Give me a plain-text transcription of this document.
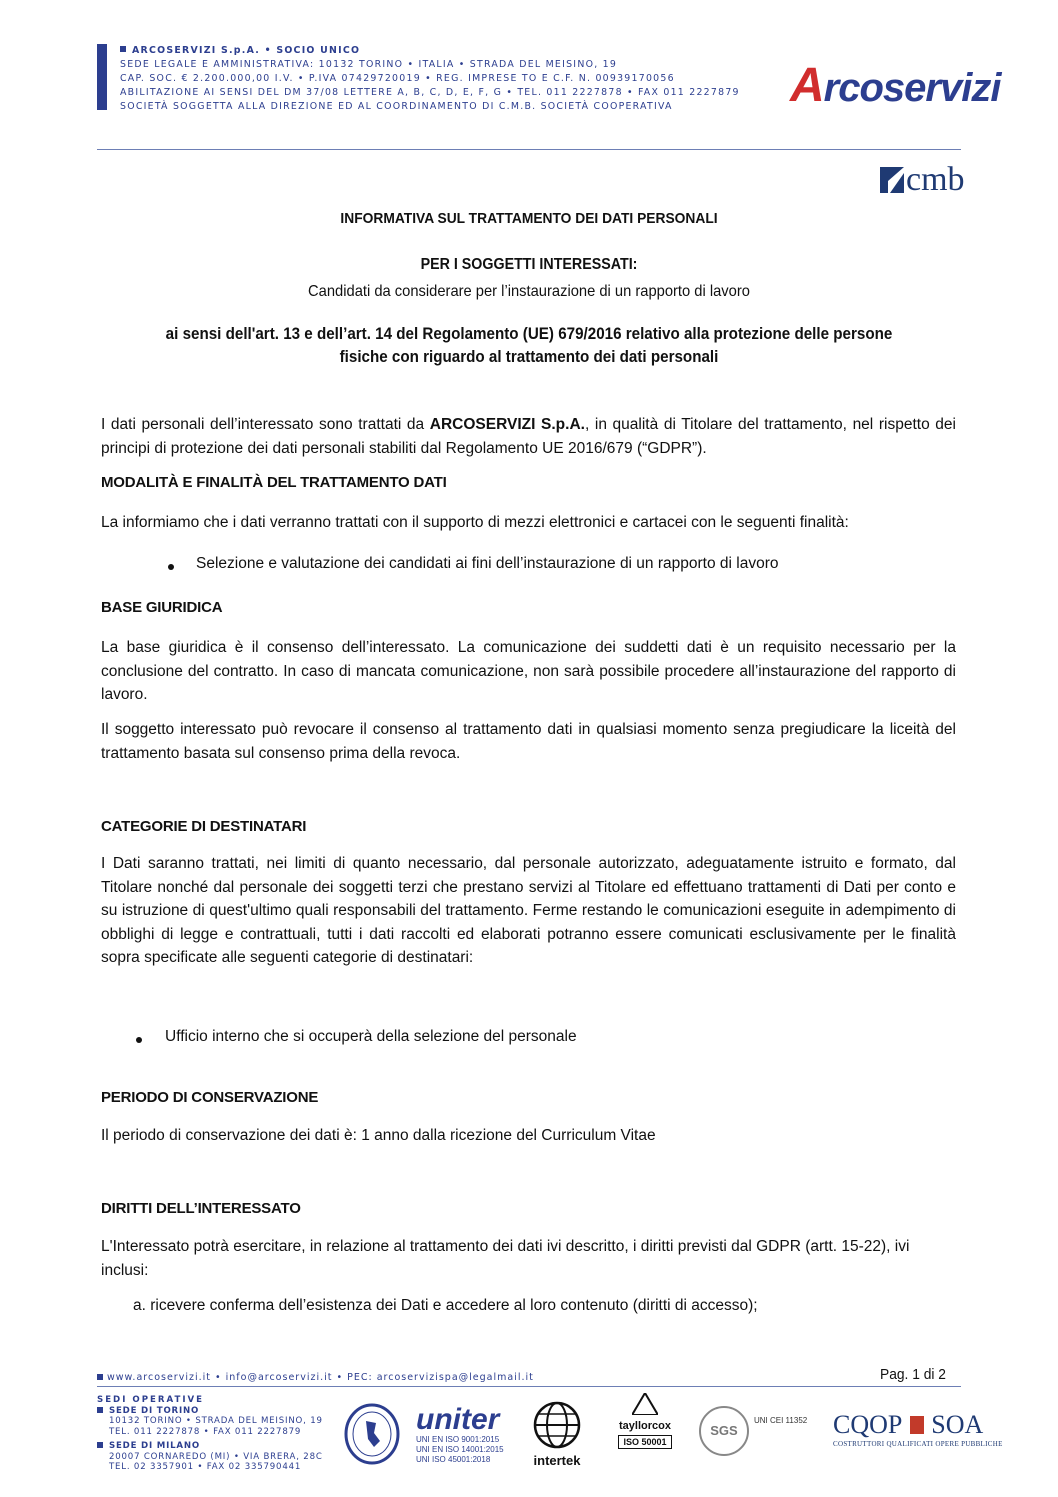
ARCOSERVIZI S.p.A. • SOCIO UNICO
SEDE LEGALE E AMMINISTRATIVA: 10132 TORINO • ITALIA • STRADA DEL MEISINO, 19
CAP. SOC. € 2.200.000,00 I.V. • P.IVA 07429720019 • REG. IMPRESE TO E C.F. N. 00939170056
ABILITAZIONE AI SENSI DEL DM 37/08 LETTERE A, B, C, D, E, F, G • TEL. 011 2227878 • FAX 011 2227879
SOCIETÀ SOGGETTA ALLA DIREZIONE ED AL COORDINAMENTO DI C.M.B. SOCIETÀ COOPERATIVA	Arcoservizi
cmb
INFORMATIVA SUL TRATTAMENTO DEI DATI PERSONALI
PER I SOGGETTI INTERESSATI:
Candidati da considerare per l’instaurazione di un rapporto di lavoro
ai sensi dell'art. 13 e dell’art. 14 del Regolamento (UE) 679/2016 relativo alla protezione delle persone
fisiche con riguardo al trattamento dei dati personali
I dati personali dell’interessato sono trattati da ARCOSERVIZI S.p.A., in qualità di Titolare del trattamento, nel rispetto dei principi di protezione dei dati personali stabiliti dal Regolamento UE 2016/679 (“GDPR”).
MODALITÀ E FINALITÀ DEL TRATTAMENTO DATI
La informiamo che i dati verranno trattati con il supporto di mezzi elettronici e cartacei con le seguenti finalità:
Selezione e valutazione dei candidati ai fini dell’instaurazione di un rapporto di lavoro
BASE GIURIDICA
La base giuridica è il consenso dell’interessato. La comunicazione dei suddetti dati è un requisito necessario per la conclusione del contratto. In caso di mancata comunicazione, non sarà possibile procedere all’instaurazione del rapporto di lavoro.
Il soggetto interessato può revocare il consenso al trattamento dati in qualsiasi momento senza pregiudicare la liceità del trattamento basata sul consenso prima della revoca.
CATEGORIE DI DESTINATARI
I Dati saranno trattati, nei limiti di quanto necessario, dal personale autorizzato, adeguatamente istruito e formato, dal Titolare nonché dal personale dei soggetti terzi che prestano servizi al Titolare ed effettuano trattamenti di Dati per conto e su istruzione di quest'ultimo quali responsabili del trattamento. Ferme restando le comunicazioni eseguite in adempimento di obblighi di legge e contrattuali, tutti i dati raccolti ed elaborati potranno essere comunicati esclusivamente per le finalità sopra specificate alle seguenti categorie di destinatari:
Ufficio interno che si occuperà della selezione del personale
PERIODO DI CONSERVAZIONE
Il periodo di conservazione dei dati è: 1 anno dalla ricezione del Curriculum Vitae
DIRITTI DELL’INTERESSATO
L'Interessato potrà esercitare, in relazione al trattamento dei dati ivi descritto, i diritti previsti dal GDPR (artt. 15-22), ivi inclusi:
a. ricevere conferma dell’esistenza dei Dati e accedere al loro contenuto (diritti di accesso);
www.arcoservizi.it • info@arcoservizi.it • PEC: arcoservizispa@legalmail.it	Pag. 1 di 2
SEDI OPERATIVE
SEDE DI TORINO
10132 TORINO • STRADA DEL MEISINO, 19
TEL. 011 2227878 • FAX 011 2227879
SEDE DI MILANO
20007 CORNAREDO (MI) • VIA BRERA, 28C
TEL. 02 3357901 • FAX 02 335790441
uniter
UNI EN ISO 9001:2015
UNI EN ISO 14001:2015
UNI ISO 45001:2018	intertek
tayllorcox
ISO 50001
SGS
UNI CEI 11352 CQOP SOA
COSTRUTTORI QUALIFICATI OPERE PUBBLICHE
